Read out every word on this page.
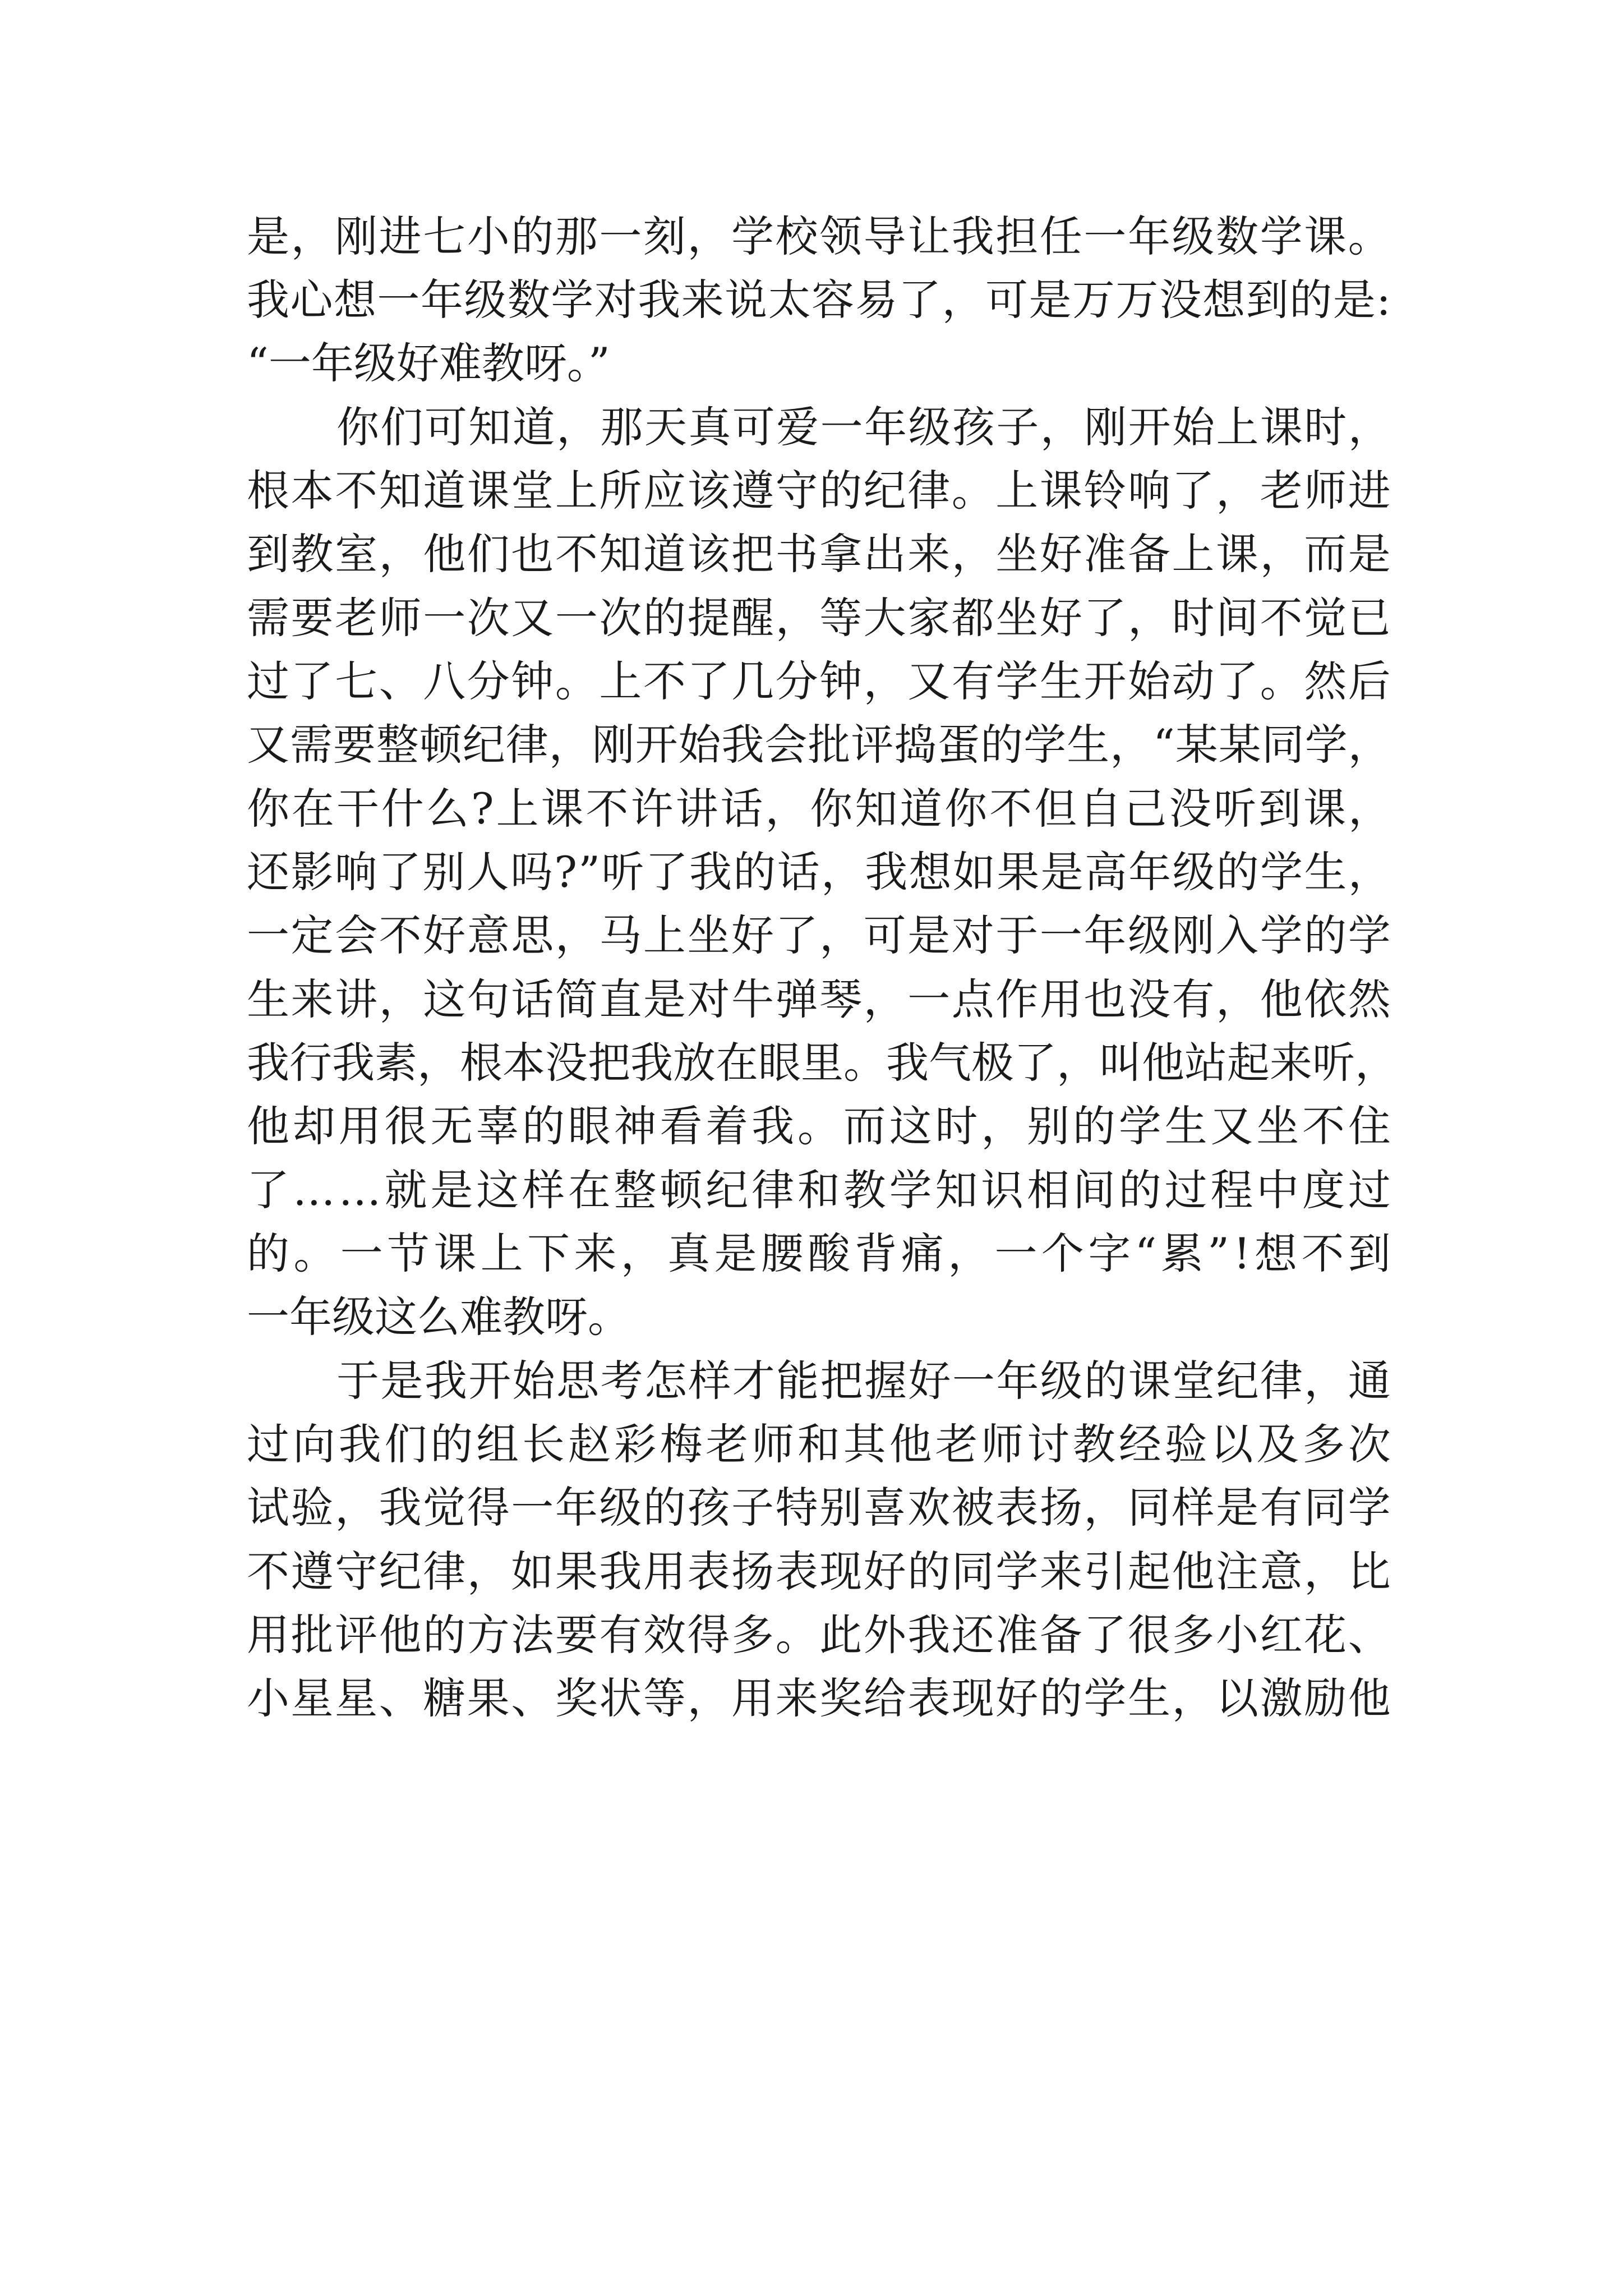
是 ， 刚 进 七 小 的 那 一 刻 ， 学 校 领 导 让 我 担 任 一 年 级 数 学 课 。
我 心 想 一 年 级 数 学 对 我 来 说 太 容 易 了 ， 可 是 万 万 没 想 到 的 是 :
“一年级好难教呀。”
你 们 可 知 道 ， 那 天 真 可 爱 一 年 级 孩 子 ， 刚 开 始 上 课 时 ，
根 本 不 知 道 课 堂 上 所 应 该 遵 守 的 纪 律 。 上 课 铃 响 了 ， 老 师 进
到 教 室 ， 他 们 也 不 知 道 该 把 书 拿 出 来 ， 坐 好 准 备 上 课 ， 而 是
需 要 老 师 一 次 又 一 次 的 提 醒 ， 等 大 家 都 坐 好 了 ， 时 间 不 觉 已
过 了 七 、 八 分 钟 。 上 不 了 几 分 钟 ， 又 有 学 生 开 始 动 了 。 然 后
又 需 要 整 顿 纪 律 ， 刚 开 始 我 会 批 评 捣 蛋 的 学 生 ， “ 某 某 同 学 ，
你 在 干 什 么 ? 上 课 不 许 讲 话 ， 你 知 道 你 不 但 自 己 没 听 到 课 ，
还 影 响 了 别 人 吗 ? ” 听 了 我 的 话 ， 我 想 如 果 是 高 年 级 的 学 生 ，
一 定 会 不 好 意 思 ， 马 上 坐 好 了 ， 可 是 对 于 一 年 级 刚 入 学 的 学
生 来 讲 ， 这 句 话 简 直 是 对 牛 弹 琴 ， 一 点 作 用 也 没 有 ， 他 依 然
我 行 我 素 ， 根 本 没 把 我 放 在 眼 里 。 我 气 极 了 ， 叫 他 站 起 来 听 ，
他 却 用 很 无 辜 的 眼 神 看 着 我 。 而 这 时 ， 别 的 学 生 又 坐 不 住
了 … … 就 是 这 样 在 整 顿 纪 律 和 教 学 知 识 相 间 的 过 程 中 度 过
的 。 一 节 课 上 下 来 ， 真 是 腰 酸 背 痛 ， 一 个 字 “ 累 ” ! 想 不 到
一年级这么难教呀。
于 是 我 开 始 思 考 怎 样 才 能 把 握 好 一 年 级 的 课 堂 纪 律 ， 通
过 向 我 们 的 组 长 赵 彩 梅 老 师 和 其 他 老 师 讨 教 经 验 以 及 多 次
试 验 ， 我 觉 得 一 年 级 的 孩 子 特 别 喜 欢 被 表 扬 ， 同 样 是 有 同 学
不 遵 守 纪 律 ， 如 果 我 用 表 扬 表 现 好 的 同 学 来 引 起 他 注 意 ， 比
用 批 评 他 的 方 法 要 有 效 得 多 。 此 外 我 还 准 备 了 很 多 小 红 花 、
小 星 星 、 糖 果 、 奖 状 等 ， 用 来 奖 给 表 现 好 的 学 生 ， 以 激 励 他
